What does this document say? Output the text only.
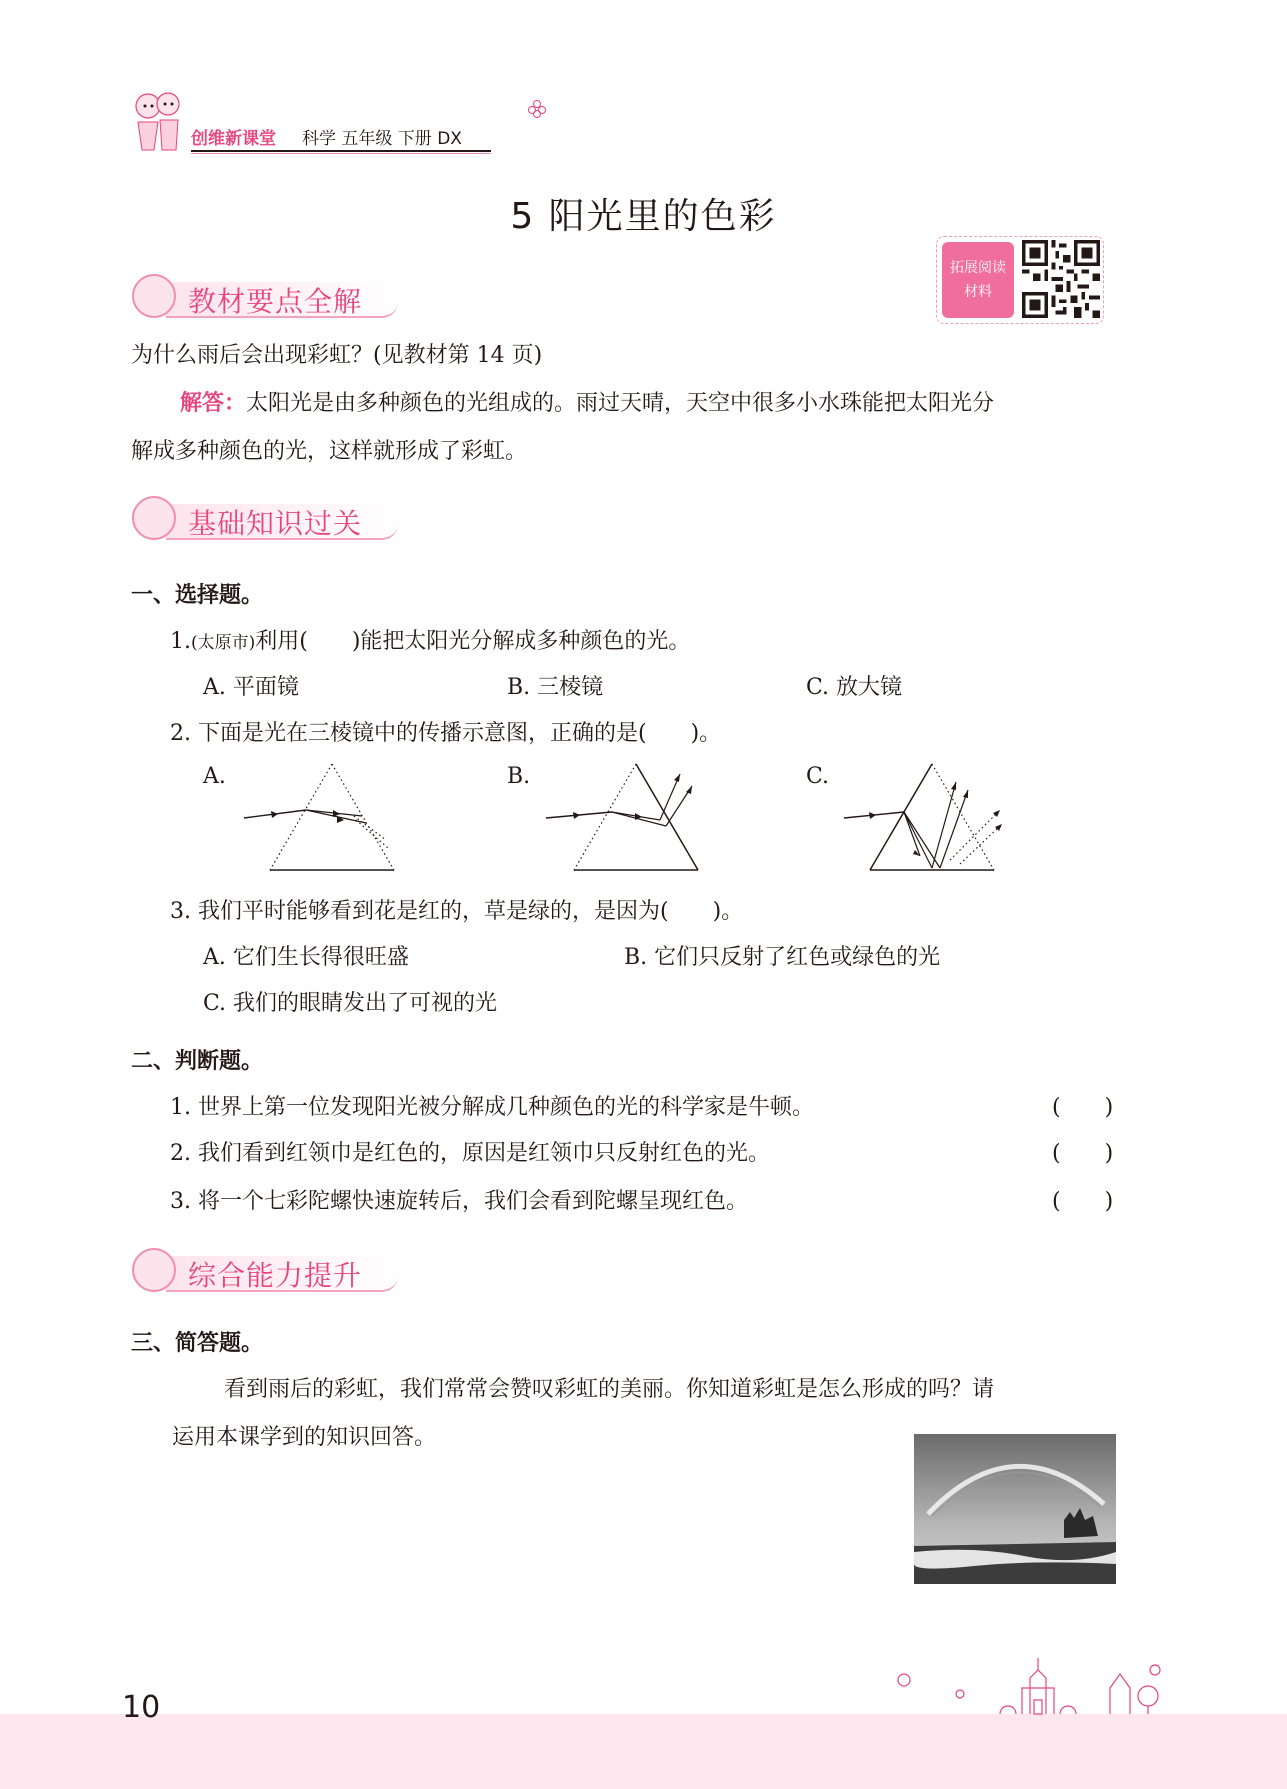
创维新课堂 科学 五年级 下册 DX
5 阳光里的色彩
拓展阅读
材料
教材要点全解
为什么雨后会出现彩虹？(见教材第 14 页)
解答：太阳光是由多种颜色的光组成的。雨过天晴，天空中很多小水珠能把太阳光分
解成多种颜色的光，这样就形成了彩虹。
基础知识过关
一、选择题。
1.(太原市)利用(　　)能把太阳光分解成多种颜色的光。
A. 平面镜	B. 三棱镜	C. 放大镜
2. 下面是光在三棱镜中的传播示意图，正确的是(　　)。
A.	B.	C.
3. 我们平时能够看到花是红的，草是绿的，是因为(　　)。
A. 它们生长得很旺盛	B. 它们只反射了红色或绿色的光
C. 我们的眼睛发出了可视的光
二、判断题。
1. 世界上第一位发现阳光被分解成几种颜色的光的科学家是牛顿。	(　　)
2. 我们看到红领巾是红色的，原因是红领巾只反射红色的光。	(　　)
3. 将一个七彩陀螺快速旋转后，我们会看到陀螺呈现红色。	(　　)
综合能力提升
三、简答题。
看到雨后的彩虹，我们常常会赞叹彩虹的美丽。你知道彩虹是怎么形成的吗？请
运用本课学到的知识回答。
10
